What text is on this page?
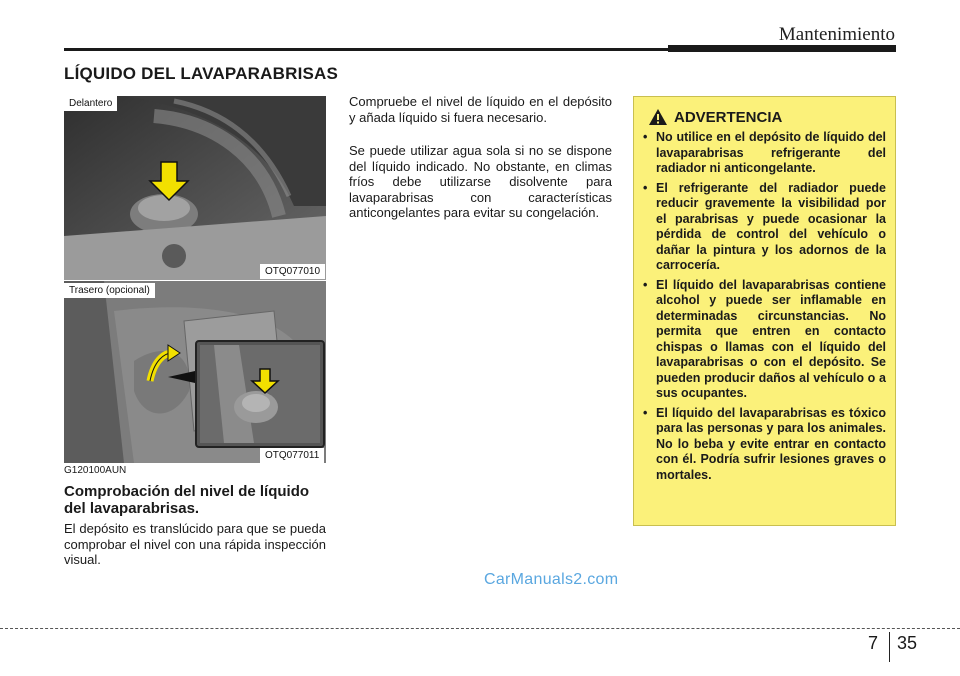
Mantenimiento
LÍQUIDO DEL LAVAPARABRISAS
Delantero
OTQ077010
Trasero (opcional)
OTQ077011
G120100AUN
Comprobación del nivel de líquido del lavaparabrisas.
El depósito es translúcido para que se pueda comprobar el nivel con una rápida inspección visual.
Compruebe el nivel de líquido en el depósito y añada líquido si fuera necesario.
Se puede utilizar agua sola si no se dispone del líquido indicado. No obstante, en climas fríos debe utilizarse disolvente para lavaparabrisas con características anticongelantes para evitar su congelación.
ADVERTENCIA
• No utilice en el depósito de líquido del lavaparabrisas refrigerante del radiador ni anticongelante.
• El refrigerante del radiador puede reducir gravemente la visibilidad por el parabrisas y puede ocasionar la pérdida de control del vehículo o dañar la pintura y los adornos de la carrocería.
• El líquido del lavaparabrisas contiene alcohol y puede ser inflamable en determinadas circunstancias. No permita que entren en contacto chispas o llamas con el líquido del lavaparabrisas o con el depósito. Se pueden producir daños al vehículo o a sus ocupantes.
• El líquido del lavaparabrisas es tóxico para las personas y para los animales. No lo beba y evite entrar en contacto con él. Podría sufrir lesiones graves o mortales.
CarManuals2.com
7 35
